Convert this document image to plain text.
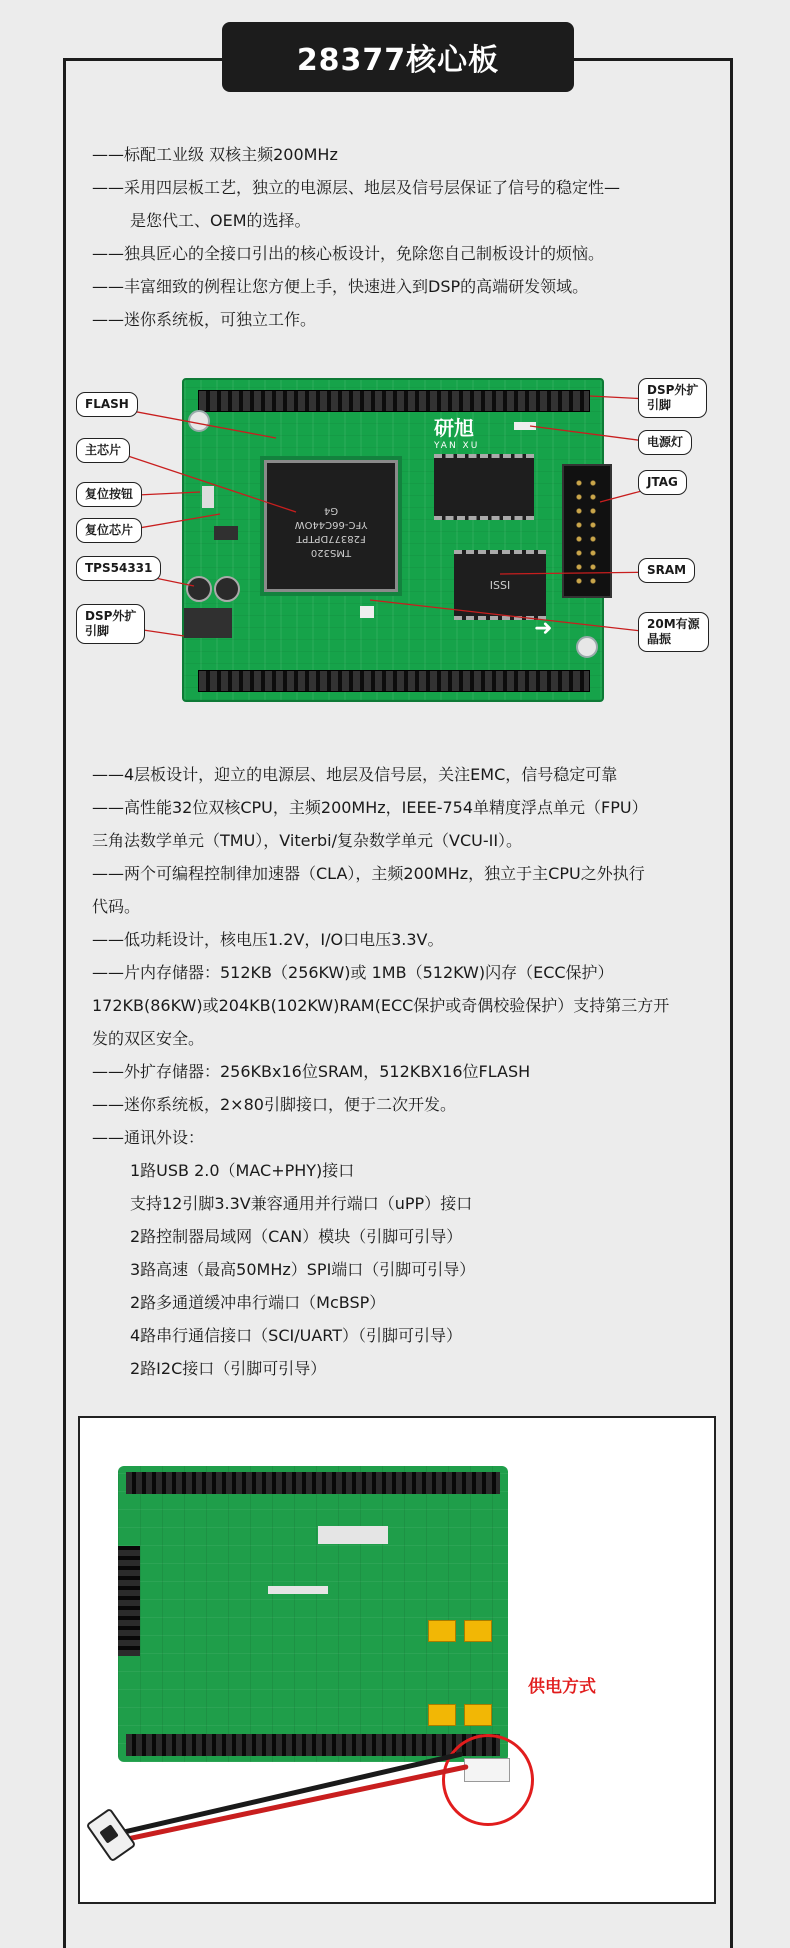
28377核心板
——标配工业级 双核主频200MHz
——采用四层板工艺，独立的电源层、地层及信号层保证了信号的稳定性—
是您代工、OEM的选择。
——独具匠心的全接口引出的核心板设计，免除您自己制板设计的烦恼。
——丰富细致的例程让您方便上手，快速进入到DSP的高端研发领域。
——迷你系统板，可独立工作。
研旭
YAN XU
TMS320
F28377DPTPT
YFC-66C44OW
G4
ISSI
➜
FLASH
主芯片
复位按钮
复位芯片
TPS54331
DSP外扩
引脚
DSP外扩
引脚
电源灯
JTAG
SRAM
20M有源
晶振
——4层板设计，迎立的电源层、地层及信号层，关注EMC，信号稳定可靠
——高性能32位双核CPU，主频200MHz，IEEE-754单精度浮点单元（FPU）
三角法数学单元（TMU），Viterbi/复杂数学单元（VCU-II）。
——两个可编程控制律加速器（CLA），主频200MHz，独立于主CPU之外执行
代码。
——低功耗设计，核电压1.2V，I/O口电压3.3V。
——片内存储器：512KB（256KW)或 1MB（512KW)闪存（ECC保护）
172KB(86KW)或204KB(102KW)RAM(ECC保护或奇偶校验保护）支持第三方开
发的双区安全。
——外扩存储器：256KBx16位SRAM，512KBX16位FLASH
——迷你系统板，2×80引脚接口，便于二次开发。
——通讯外设：
1路USB 2.0（MAC+PHY)接口
支持12引脚3.3V兼容通用并行端口（uPP）接口
2路控制器局域网（CAN）模块（引脚可引导）
3路高速（最高50MHz）SPI端口（引脚可引导）
2路多通道缓冲串行端口（McBSP）
4路串行通信接口（SCI/UART）（引脚可引导）
2路I2C接口（引脚可引导）
供电方式
